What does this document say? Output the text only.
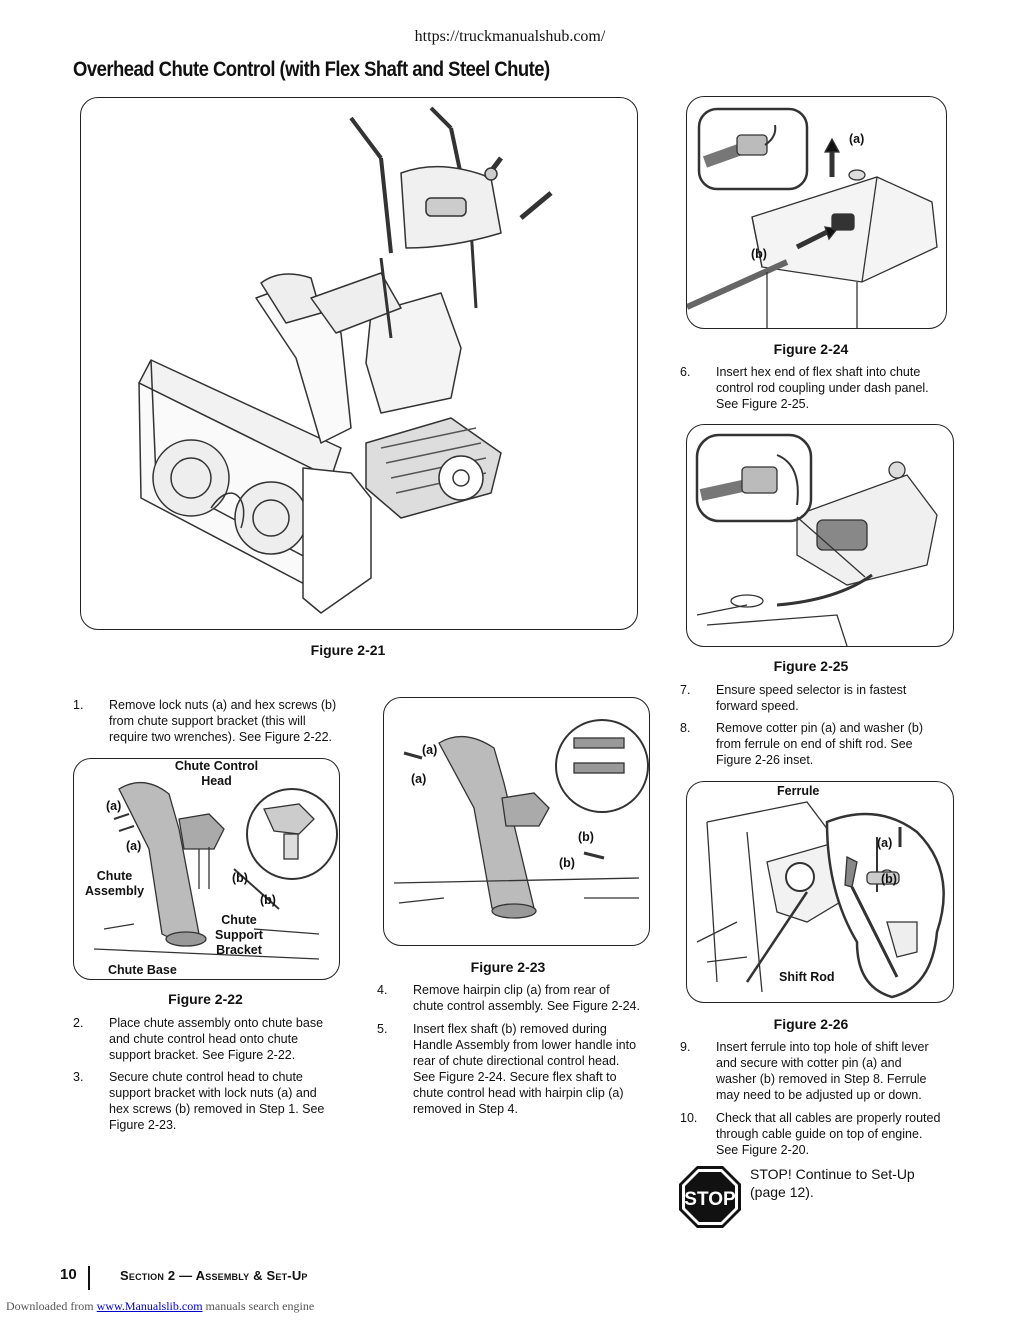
https://truckmanualshub.com/
Overhead Chute Control (with Flex Shaft and Steel Chute)
Figure 2-21
1. Remove lock nuts (a) and hex screws (b) from chute support bracket (this will require two wrenches). See Figure 2-22.
Chute Control Head
(a)
(a)
Chute Assembly
(b)
(b)
Chute Support Bracket
Chute Base
Figure 2-22
2. Place chute assembly onto chute base and chute control head onto chute support bracket. See Figure 2-22.
3. Secure chute control head to chute support bracket with lock nuts (a) and hex screws (b) removed in Step 1. See Figure 2-23.
(a)
(a)
(b)
(b)
Figure 2-23
4. Remove hairpin clip (a) from rear of chute control assembly. See Figure 2-24.
5. Insert flex shaft (b) removed during Handle Assembly from lower handle into rear of chute directional control head. See Figure 2-24. Secure flex shaft to chute control head with hairpin clip (a) removed in Step 4.
(a)
(b)
Figure 2-24
6. Insert hex end of flex shaft into chute control rod coupling under dash panel. See Figure 2-25.
Figure 2-25
7. Ensure speed selector is in fastest forward speed.
8. Remove cotter pin (a) and washer (b) from ferrule on end of shift rod. See Figure 2-26 inset.
Ferrule
(a)
(b)
Shift Rod
Figure 2-26
9. Insert ferrule into top hole of shift lever and secure with cotter pin (a) and washer (b) removed in Step 8. Ferrule may need to be adjusted up or down.
10. Check that all cables are properly routed through cable guide on top of engine. See Figure 2-20.
STOP
STOP! Continue to Set-Up (page 12).
10	Section 2 — Assembly & Set-Up
Downloaded from www.Manualslib.com manuals search engine
